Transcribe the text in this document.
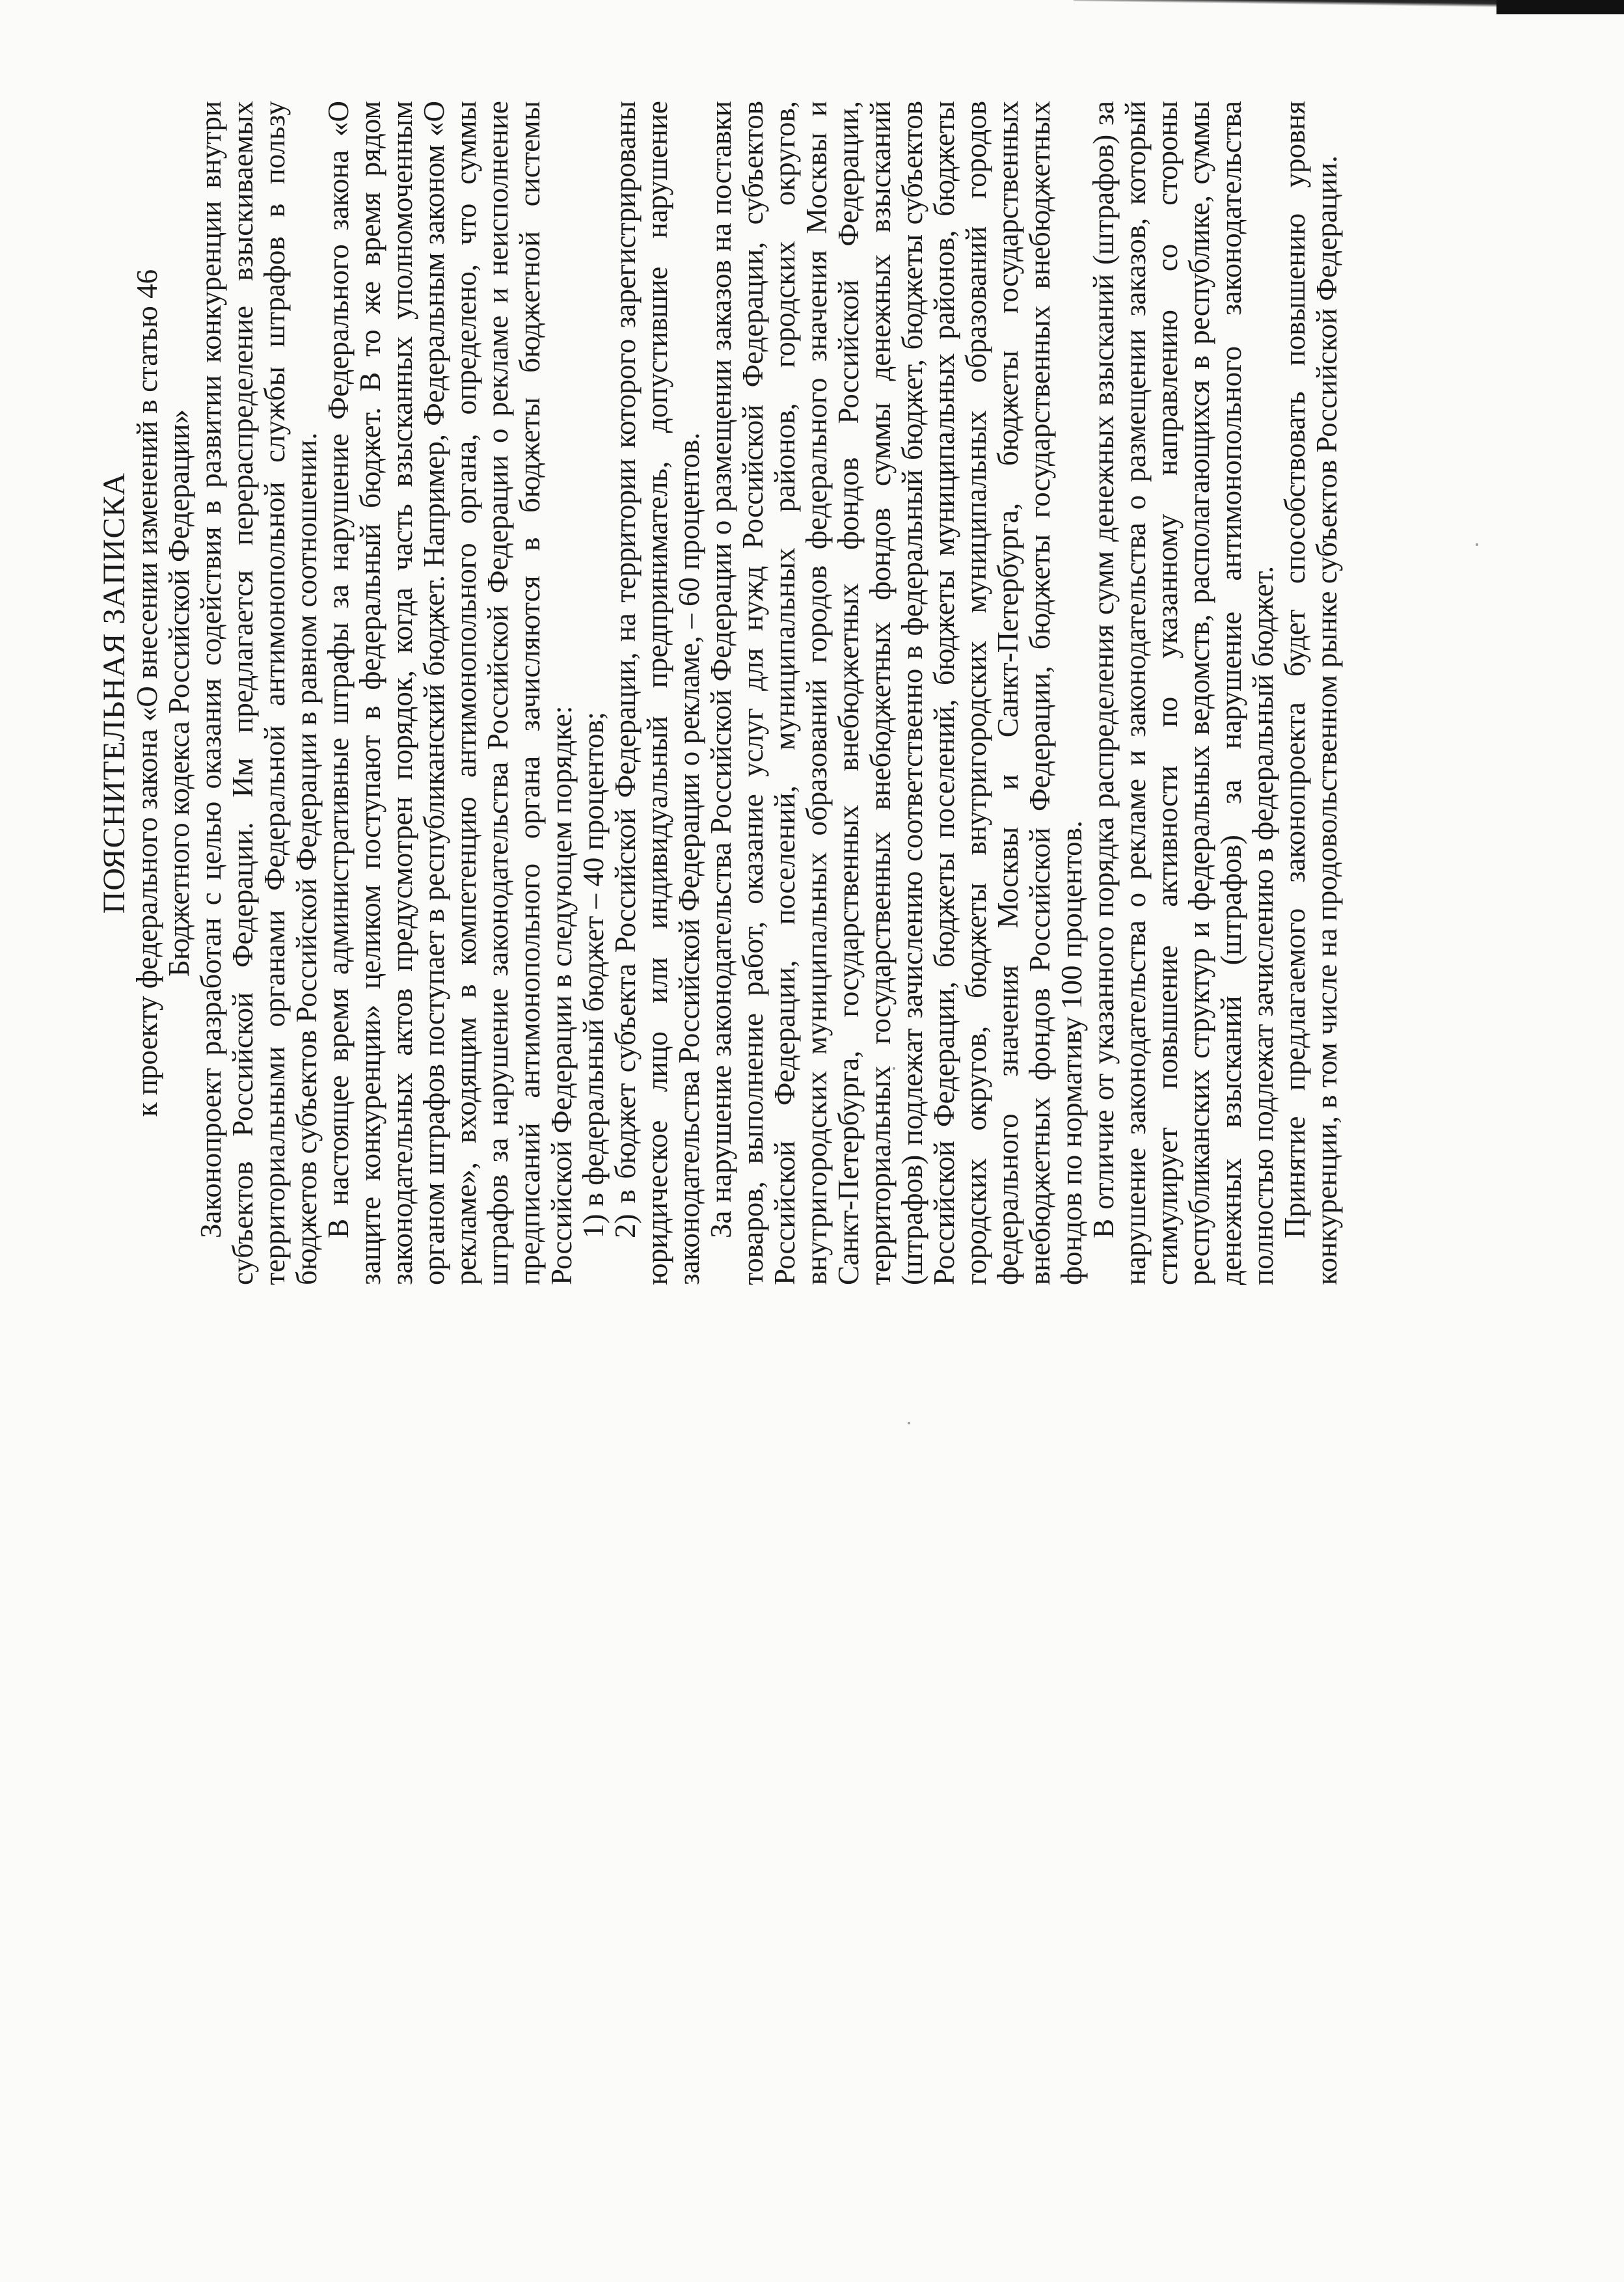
ПОЯСНИТЕЛЬНАЯ ЗАПИСКА к проекту федерального закона «О внесении изменений в статью 46 Бюджетного кодекса Российской Федерации» Законопроект разработан с целью оказания содействия в развитии конкуренции внутри субъектов Российской Федерации. Им предлагается перераспределение взыскиваемых территориальными органами Федеральной антимонопольной службы штрафов в пользу бюджетов субъектов Российской Федерации в равном соотношении. В настоящее время административные штрафы за нарушение Федерального закона «О защите конкуренции» целиком поступают в федеральный бюджет. В то же время рядом законодательных актов предусмотрен порядок, когда часть взысканных уполномоченным органом штрафов поступает в республиканский бюджет. Например, Федеральным законом «О рекламе», входящим в компетенцию антимонопольного органа, определено, что суммы штрафов за нарушение законодательства Российской Федерации о рекламе и неисполнение предписаний антимонопольного органа зачисляются в бюджеты бюджетной системы Российской Федерации в следующем порядке: 1) в федеральный бюджет – 40 процентов; 2) в бюджет субъекта Российской Федерации, на территории которого зарегистрированы юридическое лицо или индивидуальный предприниматель, допустившие нарушение законодательства Российской Федерации о рекламе, – 60 процентов. За нарушение законодательства Российской Федерации о размещении заказов на поставки товаров, выполнение работ, оказание услуг для нужд Российской Федерации, субъектов Российской Федерации, поселений, муниципальных районов, городских округов, внутригородских муниципальных образований городов федерального значения Москвы и Санкт-Петербурга, государственных внебюджетных фондов Российской Федерации, территориальных государственных внебюджетных фондов суммы денежных взысканий (штрафов) подлежат зачислению соответственно в федеральный бюджет, бюджеты субъектов Российской Федерации, бюджеты поселений, бюджеты муниципальных районов, бюджеты городских округов, бюджеты внутригородских муниципальных образований городов федерального значения Москвы и Санкт-Петербурга, бюджеты государственных внебюджетных фондов Российской Федерации, бюджеты государственных внебюджетных фондов по нормативу 100 процентов. В отличие от указанного порядка распределения сумм денежных взысканий (штрафов) за нарушение законодательства о рекламе и законодательства о размещении заказов, который стимулирует повышение активности по указанному направлению со стороны республиканских структур и федеральных ведомств, располагающихся в республике, суммы денежных взысканий (штрафов) за нарушение антимонопольного законодательства полностью подлежат зачислению в федеральный бюджет. Принятие предлагаемого законопроекта будет способствовать повышению уровня конкуренции, в том числе на продовольственном рынке субъектов Российской Федерации.
